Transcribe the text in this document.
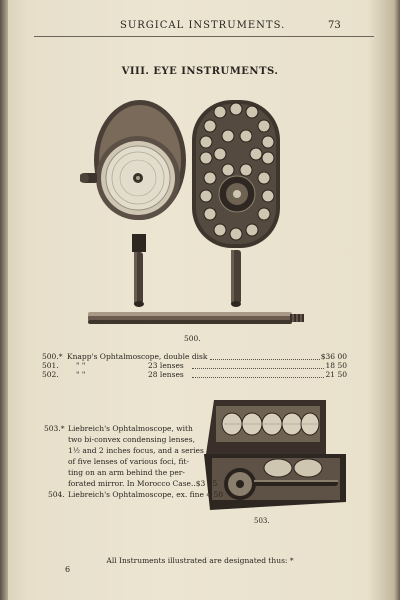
SURGICAL INSTRUMENTS.	73
VIII. EYE INSTRUMENTS.
500.
500.* Knapp's Ophtalmoscope, double disk	$36 00
501. " "	23 lenses	18 50
502. " "	28 lenses	21 50
503.
503.* Liebreich's Ophtalmoscope, with
two bi-convex condensing lenses,
1½ and 2 inches focus, and a series
of five lenses of various foci, fit-
ting on an arm behind the per-
forated mirror. In Morocco Case..$3 25
504. Liebreich's Ophtalmoscope, ex. fine 4 50
All Instruments illustrated are designated thus: *
6
